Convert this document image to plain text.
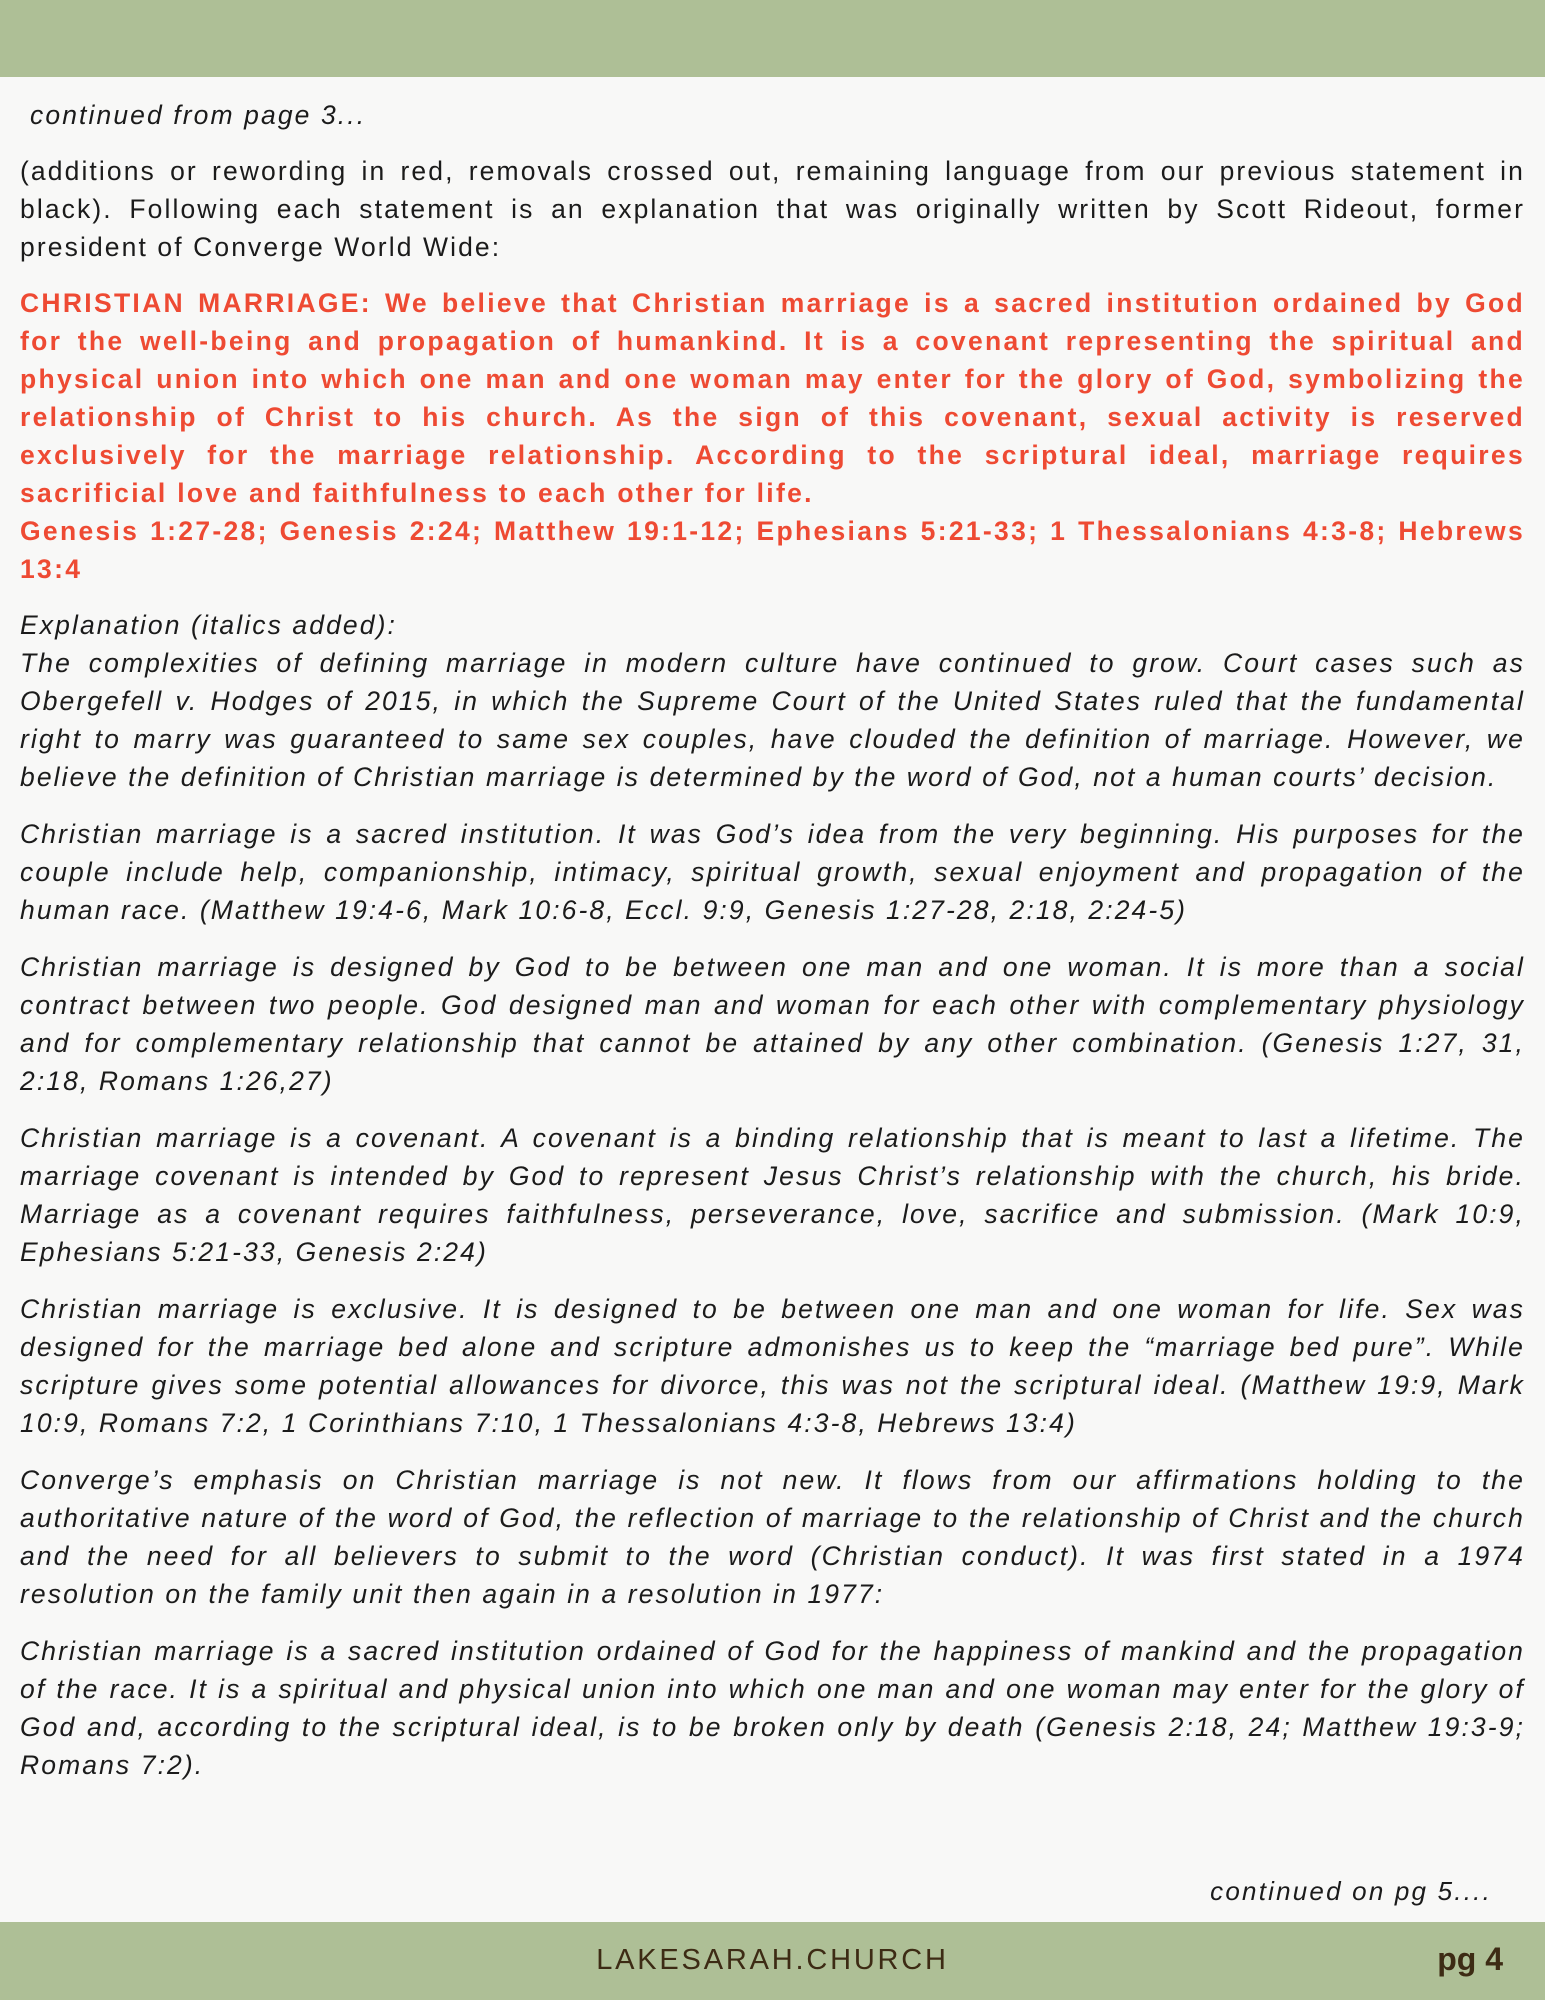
continued from page 3...

(additions or rewording in red, removals crossed out, remaining language from our previous statement in black). Following each statement is an explanation that was originally written by Scott Rideout, former president of Converge World Wide:

CHRISTIAN MARRIAGE: We believe that Christian marriage is a sacred institution ordained by God for the well-being and propagation of humankind. It is a covenant representing the spiritual and physical union into which one man and one woman may enter for the glory of God, symbolizing the relationship of Christ to his church. As the sign of this covenant, sexual activity is reserved exclusively for the marriage relationship. According to the scriptural ideal, marriage requires sacrificial love and faithfulness to each other for life.

Genesis 1:27-28; Genesis 2:24; Matthew 19:1-12; Ephesians 5:21-33; 1 Thessalonians 4:3-8; Hebrews 13:4

Explanation (italics added):

The complexities of defining marriage in modern culture have continued to grow. Court cases such as Obergefell v. Hodges of 2015, in which the Supreme Court of the United States ruled that the fundamental right to marry was guaranteed to same sex couples, have clouded the definition of marriage. However, we believe the definition of Christian marriage is determined by the word of God, not a human courts’ decision.

Christian marriage is a sacred institution. It was God’s idea from the very beginning. His purposes for the couple include help, companionship, intimacy, spiritual growth, sexual enjoyment and propagation of the human race. (Matthew 19:4-6, Mark 10:6-8, Eccl. 9:9, Genesis 1:27-28, 2:18, 2:24-5)

Christian marriage is designed by God to be between one man and one woman. It is more than a social contract between two people. God designed man and woman for each other with complementary physiology and for complementary relationship that cannot be attained by any other combination. (Genesis 1:27, 31, 2:18, Romans 1:26,27)

Christian marriage is a covenant. A covenant is a binding relationship that is meant to last a lifetime. The marriage covenant is intended by God to represent Jesus Christ’s relationship with the church, his bride. Marriage as a covenant requires faithfulness, perseverance, love, sacrifice and submission. (Mark 10:9, Ephesians 5:21-33, Genesis 2:24)

Christian marriage is exclusive. It is designed to be between one man and one woman for life. Sex was designed for the marriage bed alone and scripture admonishes us to keep the “marriage bed pure”. While scripture gives some potential allowances for divorce, this was not the scriptural ideal. (Matthew 19:9, Mark 10:9, Romans 7:2, 1 Corinthians 7:10, 1 Thessalonians 4:3-8, Hebrews 13:4)

Converge’s emphasis on Christian marriage is not new. It flows from our affirmations holding to the authoritative nature of the word of God, the reflection of marriage to the relationship of Christ and the church and the need for all believers to submit to the word (Christian conduct). It was first stated in a 1974 resolution on the family unit then again in a resolution in 1977:

Christian marriage is a sacred institution ordained of God for the happiness of mankind and the propagation of the race. It is a spiritual and physical union into which one man and one woman may enter for the glory of God and, according to the scriptural ideal, is to be broken only by death (Genesis 2:18, 24; Matthew 19:3-9; Romans 7:2).

continued on pg 5....
LAKESARAH.CHURCH	pg 4
